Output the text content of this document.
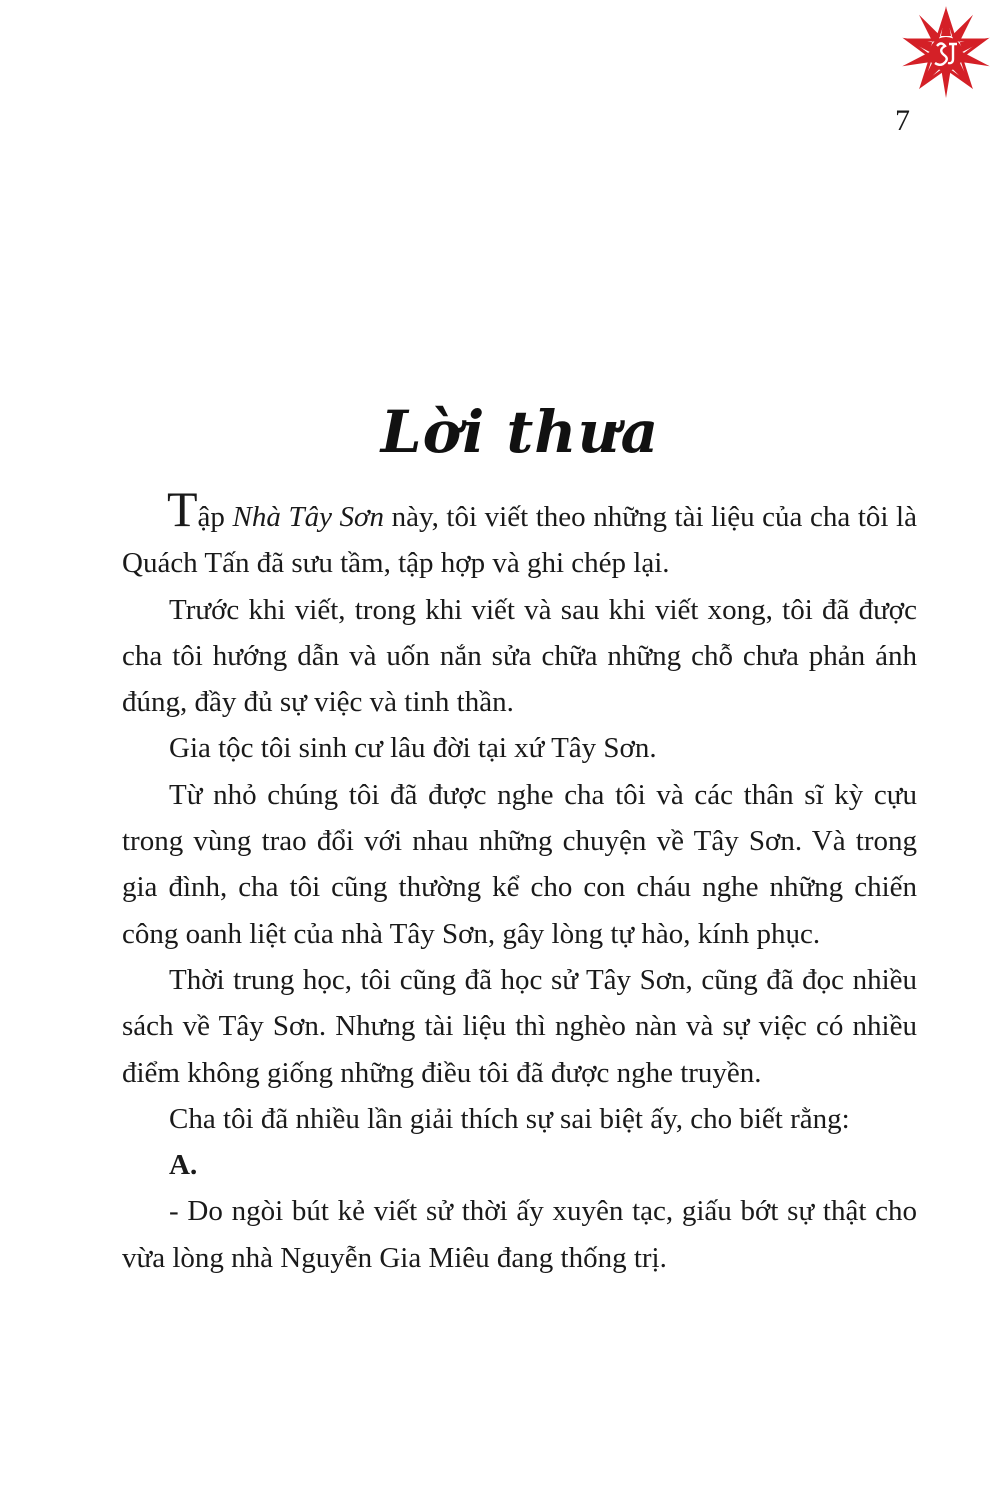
7
Lời thưa

Tập Nhà Tây Sơn này, tôi viết theo những tài liệu của cha tôi là Quách Tấn đã sưu tầm, tập hợp và ghi chép lại.

Trước khi viết, trong khi viết và sau khi viết xong, tôi đã được cha tôi hướng dẫn và uốn nắn sửa chữa những chỗ chưa phản ánh đúng, đầy đủ sự việc và tinh thần.

Gia tộc tôi sinh cư lâu đời tại xứ Tây Sơn.

Từ nhỏ chúng tôi đã được nghe cha tôi và các thân sĩ kỳ cựu trong vùng trao đổi với nhau những chuyện về Tây Sơn. Và trong gia đình, cha tôi cũng thường kể cho con cháu nghe những chiến công oanh liệt của nhà Tây Sơn, gây lòng tự hào, kính phục.

Thời trung học, tôi cũng đã học sử Tây Sơn, cũng đã đọc nhiều sách về Tây Sơn. Nhưng tài liệu thì nghèo nàn và sự việc có nhiều điểm không giống những điều tôi đã được nghe truyền.

Cha tôi đã nhiều lần giải thích sự sai biệt ấy, cho biết rằng:

A.

- Do ngòi bút kẻ viết sử thời ấy xuyên tạc, giấu bớt sự thật cho vừa lòng nhà Nguyễn Gia Miêu đang thống trị.
